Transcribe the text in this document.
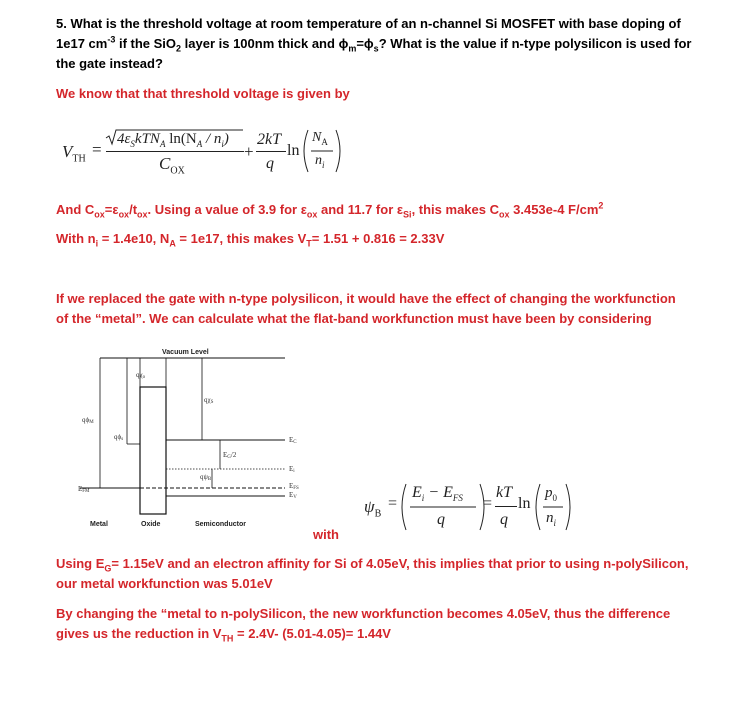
5. What is the threshold voltage at room temperature of an n-channel Si MOSFET with base doping of
1e17 $cm^{-3}$ if the SiO$_2$ layer is 100nm thick and $\phi_m=\phi_s$? What is the value if n-type polysilicon is used for
the gate instead?
We know that that threshold voltage is given by
$V_{TH}$ =
$4\varepsilon_SkTN_A$ $\ln(N_A / n_i)$
$C_{OX}$
+
2kT
q
ln
$N_A$
$n_i$
And $C_{ox}=\varepsilon_{ox}/t_{ox}$. Using a value of 3.9 for $\varepsilon_{ox}$ and 11.7 for $\varepsilon_{Si}$, this makes $C_{ox}$ 3.453e-4 $F/cm^2$
With $n_i = 1.4e10$, $N_A = 1e17$, this makes $V_T= 1.51 + 0.816 = 2.33V$
If we replaced the gate with n-type polysilicon, it would have the effect of changing the workfunction
of the “metal”. We can calculate what the flat-band workfunction must have been by considering
Vacuum Level
qχo
qχS
qϕM
qϕs
EG/2
qψB
EC
Ei
EFS
EV
EFM
Metal	Oxide	Semiconductor
$\psi_B$
=
$E_i - E_{FS}$
q
=
kT
q
ln
$p_0$
$n_i$
with
Using $E_G= 1.15eV$ and an electron affinity for Si of 4.05eV, this implies that prior to using n-polySilicon,
our metal workfunction was 5.01eV
By changing the “metal to n-polySilicon, the new workfunction becomes 4.05eV, thus the difference
gives us the reduction in $V_{TH} = 2.4V-$ (5.01-4.05)= 1.44V
